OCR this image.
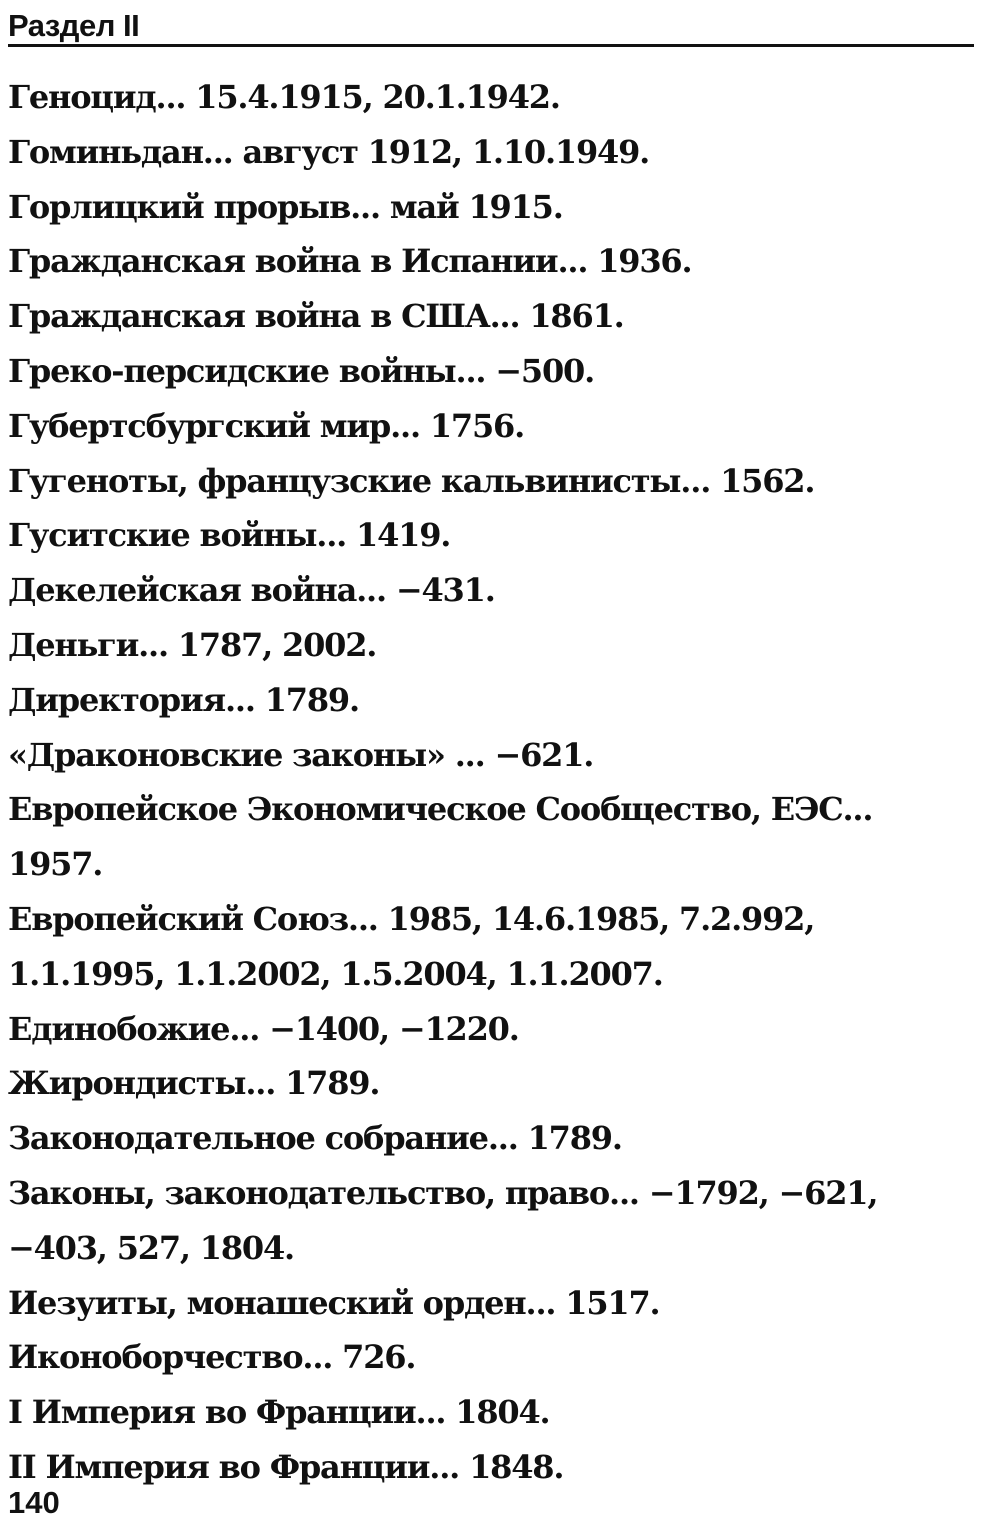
Раздел II
Геноцид... 15.4.1915, 20.1.1942.
Гоминьдан... август 1912, 1.10.1949.
Горлицкий прорыв... май 1915.
Гражданская война в Испании... 1936.
Гражданская война в США... 1861.
Греко-персидские войны... −500.
Губертсбургский мир... 1756.
Гугеноты, французские кальвинисты... 1562.
Гуситские войны... 1419.
Декелейская война... −431.
Деньги... 1787, 2002.
Директория... 1789.
«Драконовские законы» ... −621.
Европейское Экономическое Сообщество, ЕЭС...
1957.
Европейский Союз... 1985, 14.6.1985, 7.2.992,
1.1.1995, 1.1.2002, 1.5.2004, 1.1.2007.
Единобожие... −1400, −1220.
Жирондисты... 1789.
Законодательное собрание... 1789.
Законы, законодательство, право... −1792, −621,
−403, 527, 1804.
Иезуиты, монашеский орден... 1517.
Иконоборчество... 726.
I Империя во Франции... 1804.
II Империя во Франции... 1848.
140
